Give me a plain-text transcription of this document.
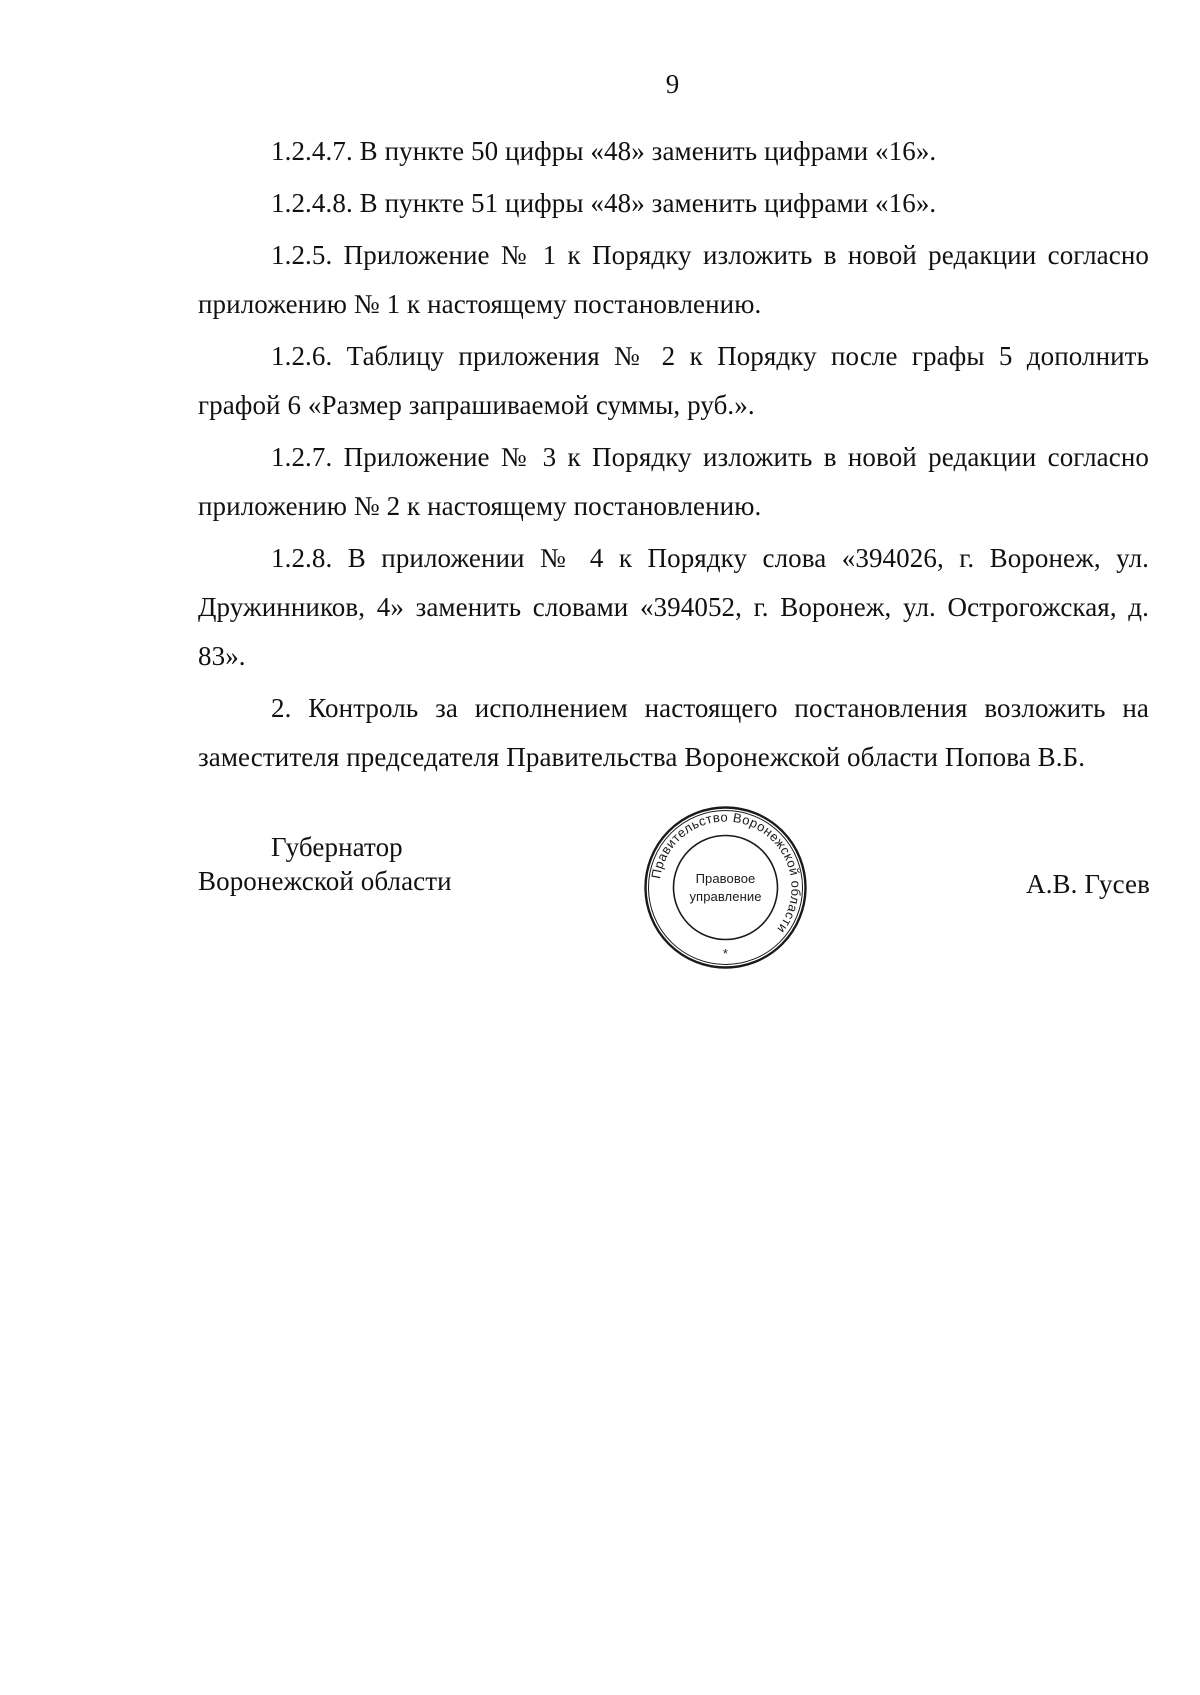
9

1.2.4.7. В пункте 50 цифры «48» заменить цифрами «16».

1.2.4.8. В пункте 51 цифры «48» заменить цифрами «16».

1.2.5. Приложение № 1 к Порядку изложить в новой редакции согласно приложению № 1 к настоящему постановлению.

1.2.6. Таблицу приложения № 2 к Порядку после графы 5 дополнить графой 6 «Размер запрашиваемой суммы, руб.».

1.2.7. Приложение № 3 к Порядку изложить в новой редакции согласно приложению № 2 к настоящему постановлению.

1.2.8. В приложении № 4 к Порядку слова «394026, г. Воронеж, ул. Дружинников, 4» заменить словами «394052, г. Воронеж, ул. Острогожская, д. 83».

2. Контроль за исполнением настоящего постановления возложить на заместителя председателя Правительства Воронежской области Попова В.Б.

Губернатор
Воронежской области	Правительство Воронежской области
Правовое
управление
*
А.В. Гусев
